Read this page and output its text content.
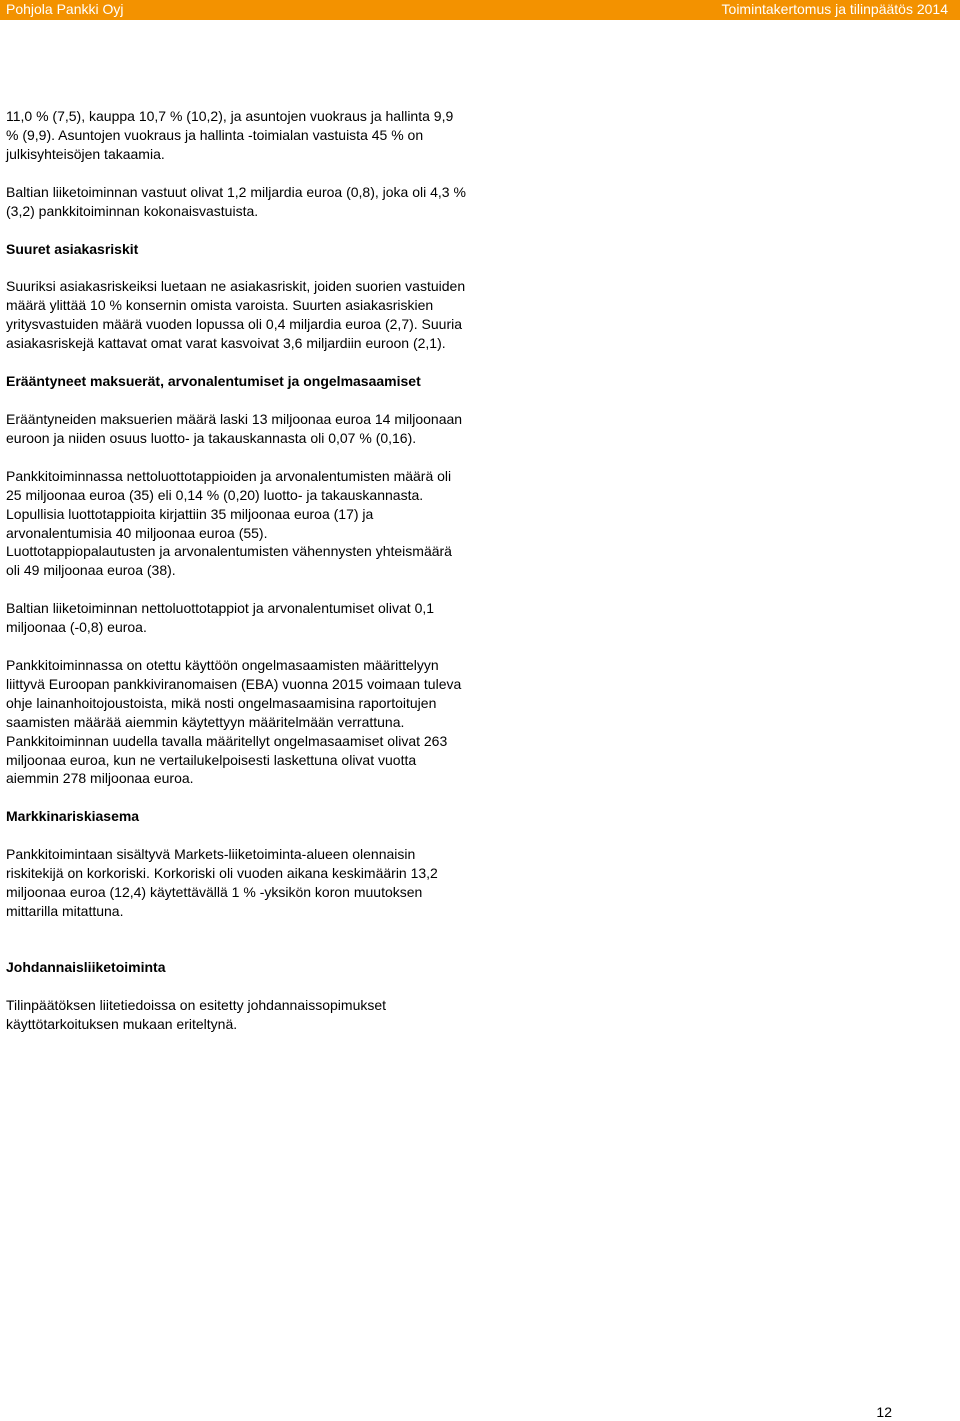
Pohjola Pankki Oyj	Toimintakertomus ja tilinpäätös 2014

11,0 % (7,5), kauppa 10,7 % (10,2), ja asuntojen vuokraus ja hallinta 9,9 % (9,9). Asuntojen vuokraus ja hallinta -toimialan vastuista 45 % on julkisyhteisöjen takaamia.

Baltian liiketoiminnan vastuut olivat 1,2 miljardia euroa (0,8), joka oli 4,3 % (3,2) pankkitoiminnan kokonaisvastuista.

Suuret asiakasriskit

Suuriksi asiakasriskeiksi luetaan ne asiakasriskit, joiden suorien vastuiden määrä ylittää 10 % konsernin omista varoista. Suurten asiakasriskien yritysvastuiden määrä vuoden lopussa oli 0,4 miljardia euroa (2,7). Suuria asiakasriskejä kattavat omat varat kasvoivat 3,6 miljardiin euroon (2,1).

Erääntyneet maksuerät, arvonalentumiset ja ongelmasaamiset

Erääntyneiden maksuerien määrä laski 13 miljoonaa euroa 14 miljoonaan euroon ja niiden osuus luotto- ja takauskannasta oli 0,07 % (0,16).

Pankkitoiminnassa nettoluottotappioiden ja arvonalentumisten määrä oli 25 miljoonaa euroa (35) eli 0,14 % (0,20) luotto- ja takauskannasta. Lopullisia luottotappioita kirjattiin 35 miljoonaa euroa (17) ja arvonalentumisia 40 miljoonaa euroa (55).

Luottotappiopalautusten ja arvonalentumisten vähennysten yhteismäärä oli 49 miljoonaa euroa (38).

Baltian liiketoiminnan nettoluottotappiot ja arvonalentumiset olivat 0,1 miljoonaa (-0,8) euroa.

Pankkitoiminnassa on otettu käyttöön ongelmasaamisten määrittelyyn liittyvä Euroopan pankkiviranomaisen (EBA) vuonna 2015 voimaan tuleva ohje lainanhoitojoustoista, mikä nosti ongelmasaamisina raportoitujen saamisten määrää aiemmin käytettyyn määritelmään verrattuna.

Pankkitoiminnan uudella tavalla määritellyt ongelmasaamiset olivat 263 miljoonaa euroa, kun ne vertailukelpoisesti laskettuna olivat vuotta aiemmin 278 miljoonaa euroa.

Markkinariskiasema

Pankkitoimintaan sisältyvä Markets-liiketoiminta-alueen olennaisin riskitekijä on korkoriski. Korkoriski oli vuoden aikana keskimäärin 13,2 miljoonaa euroa (12,4) käytettävällä 1 % -yksikön koron muutoksen mittarilla mitattuna.

Johdannaisliiketoiminta

Tilinpäätöksen liitetiedoissa on esitetty johdannaissopimukset käyttötarkoituksen mukaan eriteltynä.

12
